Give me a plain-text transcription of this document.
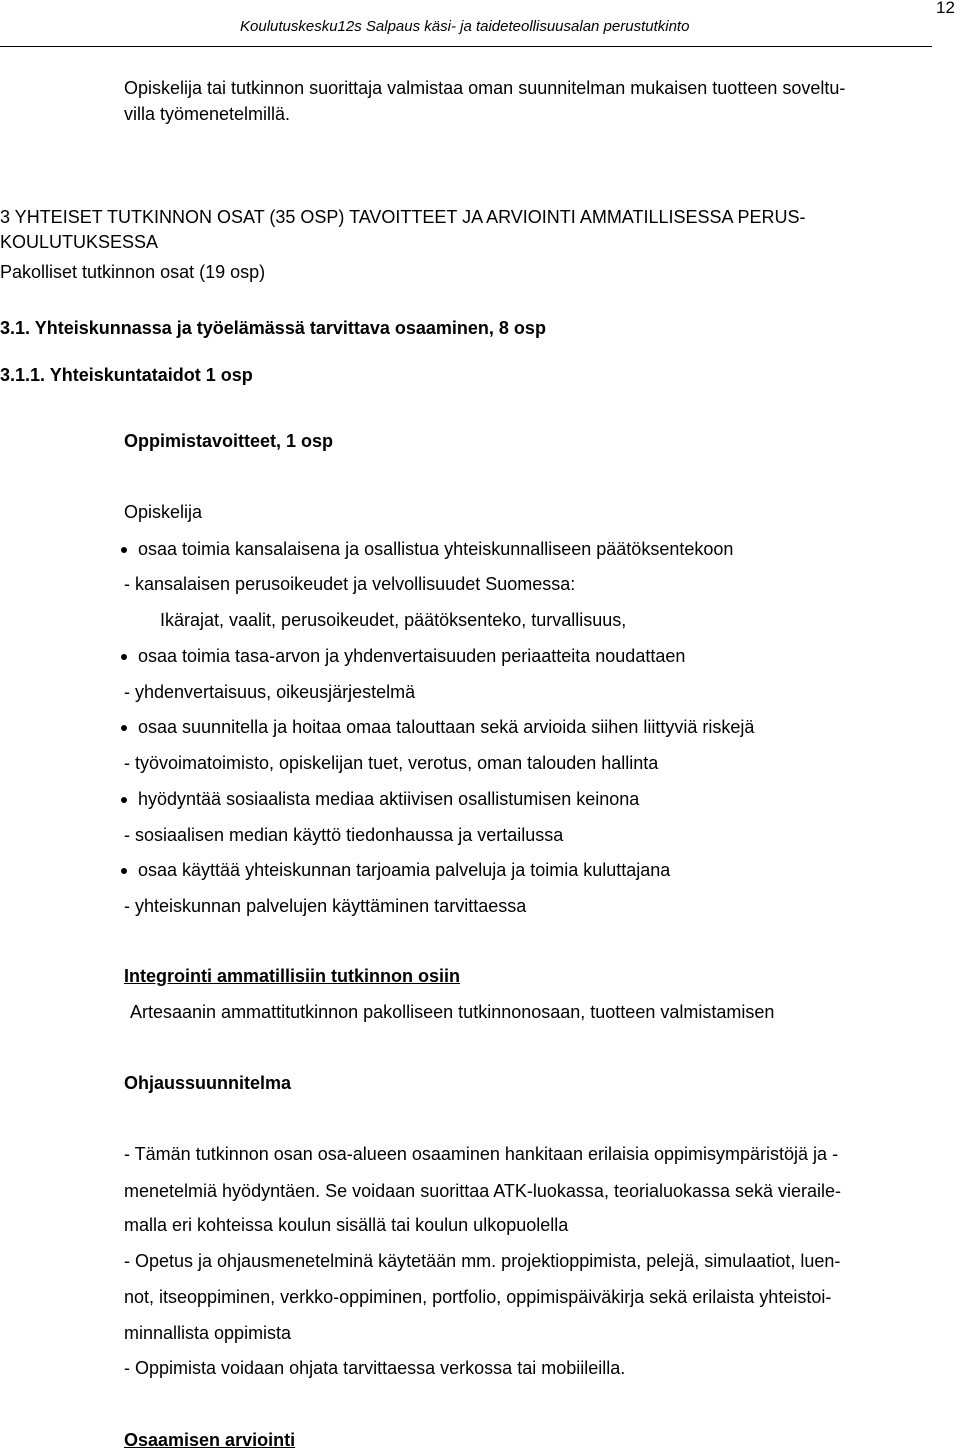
Koulutuskesku12s Salpaus käsi- ja taideteollisuusalan perustutkinto
12
Opiskelija tai tutkinnon suorittaja valmistaa oman suunnitelman mukaisen tuotteen soveltu-
villa työmenetelmillä.
3 YHTEISET TUTKINNON OSAT (35 OSP) TAVOITTEET JA ARVIOINTI AMMATILLISESSA PERUS-
KOULUTUKSESSA
Pakolliset tutkinnon osat (19 osp)
3.1. Yhteiskunnassa ja työelämässä tarvittava osaaminen, 8 osp
3.1.1. Yhteiskuntataidot 1 osp
Oppimistavoitteet, 1 osp
Opiskelija
osaa toimia kansalaisena ja osallistua yhteiskunnalliseen päätöksentekoon
- kansalaisen perusoikeudet ja velvollisuudet Suomessa:
Ikärajat, vaalit, perusoikeudet, päätöksenteko, turvallisuus,
osaa toimia tasa-arvon ja yhdenvertaisuuden periaatteita noudattaen
- yhdenvertaisuus, oikeusjärjestelmä
osaa suunnitella ja hoitaa omaa talouttaan sekä arvioida siihen liittyviä riskejä
- työvoimatoimisto, opiskelijan tuet, verotus, oman talouden hallinta
hyödyntää sosiaalista mediaa aktiivisen osallistumisen keinona
- sosiaalisen median käyttö tiedonhaussa ja vertailussa
osaa käyttää yhteiskunnan tarjoamia palveluja ja toimia kuluttajana
- yhteiskunnan palvelujen käyttäminen tarvittaessa
Integrointi ammatillisiin tutkinnon osiin
Artesaanin ammattitutkinnon pakolliseen tutkinnonosaan, tuotteen valmistamisen
Ohjaussuunnitelma
- Tämän tutkinnon osan osa-alueen osaaminen hankitaan erilaisia oppimisympäristöjä ja -
menetelmiä hyödyntäen. Se voidaan suorittaa ATK-luokassa, teorialuokassa sekä vieraile-
malla eri kohteissa koulun sisällä tai koulun ulkopuolella
- Opetus ja ohjausmenetelminä käytetään mm. projektioppimista, pelejä, simulaatiot, luen-
not, itseoppiminen, verkko-oppiminen, portfolio, oppimispäiväkirja sekä erilaista yhteistoi-
minnallista oppimista
- Oppimista voidaan ohjata tarvittaessa verkossa tai mobiileilla.
Osaamisen arviointi
